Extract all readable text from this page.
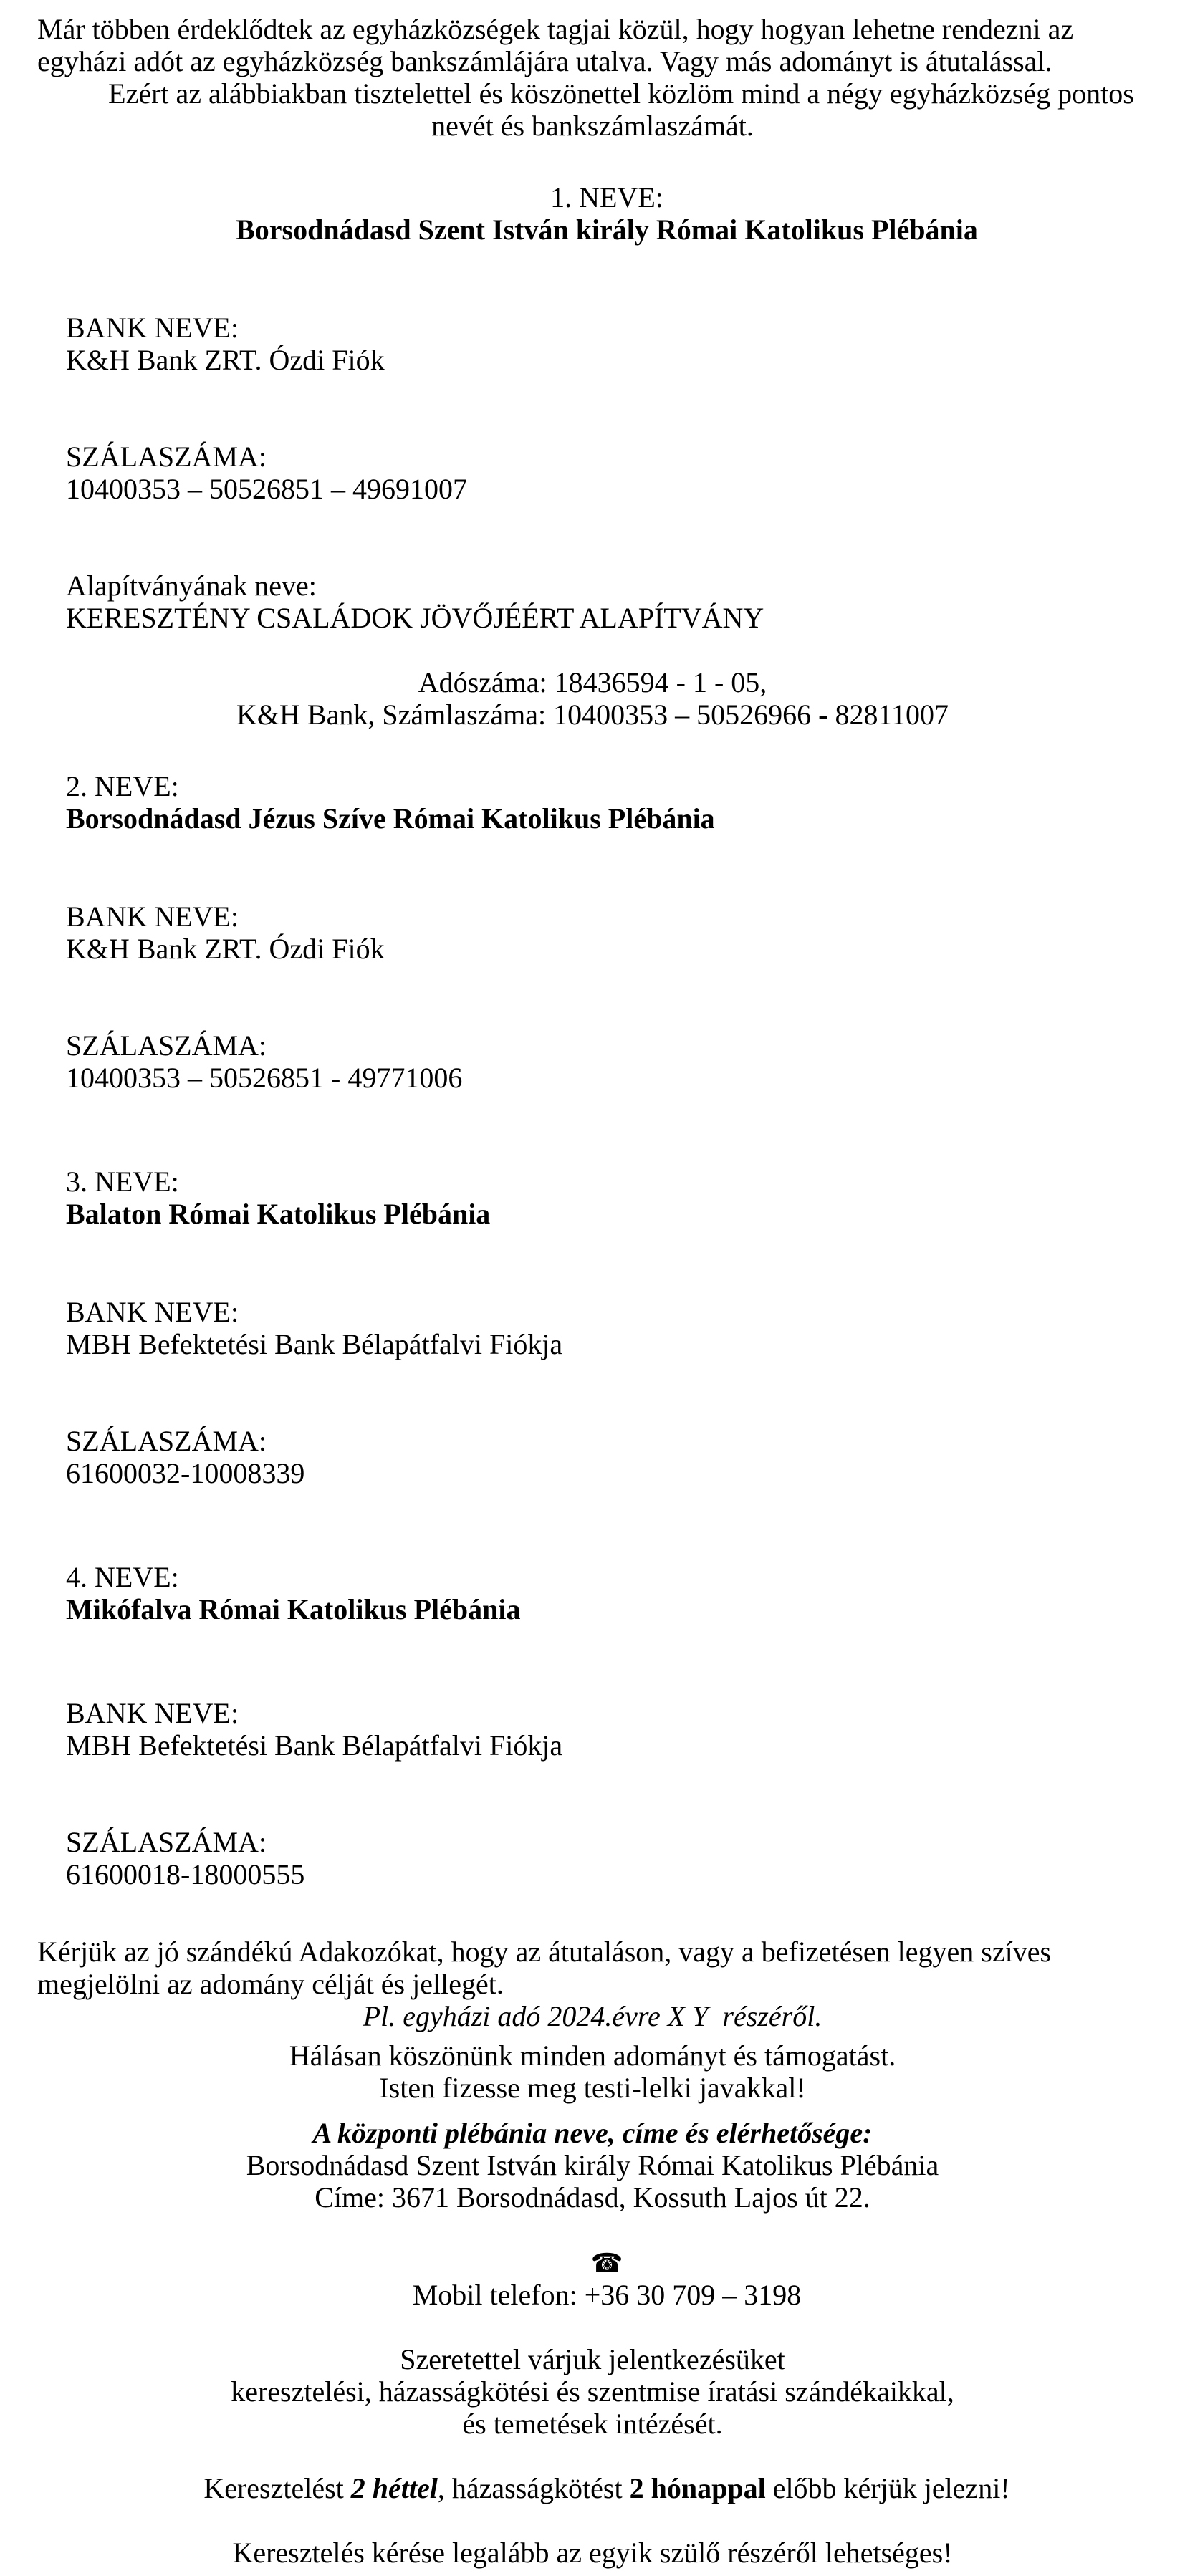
Már többen érdeklődtek az egyházközségek tagjai közül, hogy hogyan lehetne rendezni az egyházi adót az egyházközség bankszámlájára utalva. Vagy más adományt is átutalással.
Ezért az alábbiakban tisztelettel és köszönettel közlöm mind a négy egyházközség pontos nevét és bankszámlaszámát.

1. NEVE:
Borsodnádasd Szent István király Római Katolikus Plébánia

BANK NEVE:
K&H Bank ZRT. Ózdi Fiók

SZÁLASZÁMA:
10400353 – 50526851 – 49691007

Alapítványának neve:
KERESZTÉNY CSALÁDOK JÖVŐJÉÉRT ALAPÍTVÁNY

Adószáma: 18436594 - 1 - 05,
K&H Bank, Számlaszáma: 10400353 – 50526966 - 82811007

2. NEVE:
Borsodnádasd Jézus Szíve Római Katolikus Plébánia

BANK NEVE:
K&H Bank ZRT. Ózdi Fiók

SZÁLASZÁMA:
10400353 – 50526851 - 49771006

3. NEVE:
Balaton Római Katolikus Plébánia

BANK NEVE:
MBH Befektetési Bank Bélapátfalvi Fiókja

SZÁLASZÁMA:
61600032-10008339

4. NEVE:
Mikófalva Római Katolikus Plébánia

BANK NEVE:
MBH Befektetési Bank Bélapátfalvi Fiókja

SZÁLASZÁMA:
61600018-18000555

Kérjük az jó szándékú Adakozókat, hogy az átutaláson, vagy a befizetésen legyen szíves megjelölni az adomány célját és jellegét.
Pl. egyházi adó 2024.évre X Y  részéről.
Hálásan köszönünk minden adományt és támogatást.
Isten fizesse meg testi-lelki javakkal!
A központi plébánia neve, címe és elérhetősége:
Borsodnádasd Szent István király Római Katolikus Plébánia
Címe: 3671 Borsodnádasd, Kossuth Lajos út 22.

☎
Mobil telefon: +36 30 709 – 3198

Szeretettel várjuk jelentkezésüket
keresztelési, házasságkötési és szentmise íratási szándékaikkal,
és temetések intézését.

Keresztelést 2 héttel, házasságkötést 2 hónappal előbb kérjük jelezni!

Keresztelés kérése legalább az egyik szülő részéről lehetséges!
